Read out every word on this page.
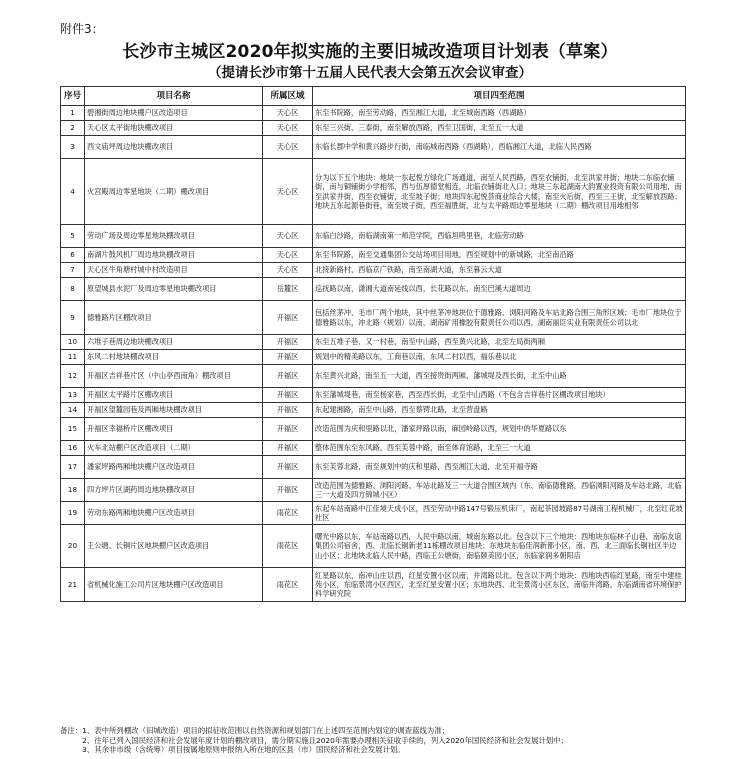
附件3：
长沙市主城区2020年拟实施的主要旧城改造项目计划表（草案）
（提请长沙市第十五届人民代表大会第五次会议审查）
序号	项目名称	所属区域	项目四至范围
1	碧湘街周边地块棚户区改造项目	天心区	东至书院路，南至劳动路，西至湘江大道，北至城南西路（西湖路）
2	天心区太平街地块棚改项目	天心区	东至三兴街、三泰街，南至解放西路，西至卫国街，北至五一大道
3	西文庙坪周边地块棚改项目	天心区	东临长郡中学和黄兴路步行街，南临城南西路（西湖路），西临湘江大道，北临人民西路
4	火宫殿周边零星地块（二期）棚改项目	天心区	分为以下五个地块：地块一东起悦方绿化广场通道，南至人民西路，西至衣铺街，北至洪家井街；地块二东临衣铺街，南与铜铺街小学相邻，西与伍厚德堂相连，北临衣铺街北入口；地块三东起湖南大韵置业投资有限公司用地，南至洪家井街，西至衣铺街，北至坡子街；地块四东起悦荟商业综合大楼，南至火后街，西至三王街，北至解放西路；地块五东起源巷街巷，南至坡子街，西至福胜街，北与太平路周边零星地块（二期）棚改项目用地相邻
5	劳动广场及周边零星地块棚改项目	天心区	东临白沙路，南临湖南第一师范学院，西临坦鸣里巷，北临劳动路
6	南湖片鼓风机厂周边地块棚改项目	天心区	东至书院路，南至交通集团公交站场项目用地，西至规划中的新城路，北至南沿路
7	天心区牛角塘村城中村改造项目	天心区	北接新路村，西临京广铁路，南至南湖大道，东至暮云大道
8	原望城县水泥厂及周边零星地块棚改项目	岳麓区	巡抚路以南，潇湘大道南延线以西，长花路以东，南至巴溪大道周边
9	德雅路片区棚改项目	开福区	包括丝茅冲、毛市厂两个地块，其中丝茅冲地块位于德雅路、浏阳河路及车站北路合围三角形区域；毛市厂地块位于德雅路以东，冲北路（规划）以南，湖南矿用橡胶有限责任公司以西，湖南丽臣实业有限责任公司以北
10	六堆子巷周边地块棚改项目	开福区	东至五堆子巷、又一村巷，南至中山路，西至黄兴北路，北至左局街两厢
11	东风二村地块棚改项目	开福区	规划中的精美路以东，工商巷以南，东风二村以西，福乐巷以北
12	开福区吉祥巷片区（中山亭西南角）棚改项目	开福区	东至黄兴北路，南至五一大道，西至接贵街两厢、藩城堤及西长街，北至中山路
13	开福区太平路片区棚改项目	开福区	东至藩城堤巷，南至杨家巷，西至西长街，北至中山西路（不包含吉祥巷片区棚改项目地块）
14	开福区望麓园巷及两厢地块棚改项目	开福区	东起建湘路，南至中山路，西至蔡锷北路，北至营盘路
15	开福区幸福桥片区棚改项目	开福区	改造范围为庆和里路以北，潘家坪路以南，麻园岭路以西，规划中的华夏路以东
16	火车北站棚户区改造项目（二期）	开福区	整体范围东至东风路，西至芙蓉中路，南至体育馆路，北至三一大道
17	潘家坪路两厢地块棚户区改造项目	开福区	东至芙蓉北路，南至规划中的庆和里路，西至湘江大道，北至开福寺路
18	四方坪片区湖药周边地块棚改项目	开福区	改造范围为德雅路、浏阳河路、车站北路及三一大道合围区域内（东、南临德雅路，西临浏阳河路及车站北路，北临三一大道及四方锦城小区）
19	劳动东路两厢地块棚户区改造项目	雨花区	东起车站南路中江佳境天成小区，西至劳动中路147号锻压机床厂，南起茶园坡路87号湖南工程机械厂，北至红花坡社区
20	王公塘、长铜片区地块棚户区改造项目	雨花区	曙光中路以东，车站南路以西，人民中路以南，城南东路以北。包含以下三个地块：西地块东临林子山巷，南临友谊集团公司宿舍，西、北临长铜新老11栋棚改项目地块；东地块东临佳润新都小区，南、西、北三面临长铜社区半边山小区；北地块北临人民中路，西临王公塘街，南临颐美园小区，东临家润多朝阳店
21	省机械化施工公司片区地块棚户区改造项目	雨花区	红星路以东，南冲山庄以西，红星安置小区以南，井湾路以北。包含以下两个地块：西地块西临红星路，南至中建桂苑小区，东临景湾小区西区，北至红星安置小区；东地块西、北至景湾小区东区，南临井湾路，东临湖南省环境保护科学研究院
备注：1、表中所列棚改（旧城改造）项目的拟征收范围以自然资源和规划部门在上述四至范围内划定的调查蓝线为准；
　　　2、往年已列入国民经济和社会发展年度计划的棚改项目，需分期实施且2020年需要办理相关征收手续的，列入2020年国民经济和社会发展计划中；
　　　3、其余非市级（含统筹）项目按属地原则申报纳入所在地的区县（市）国民经济和社会发展计划。
